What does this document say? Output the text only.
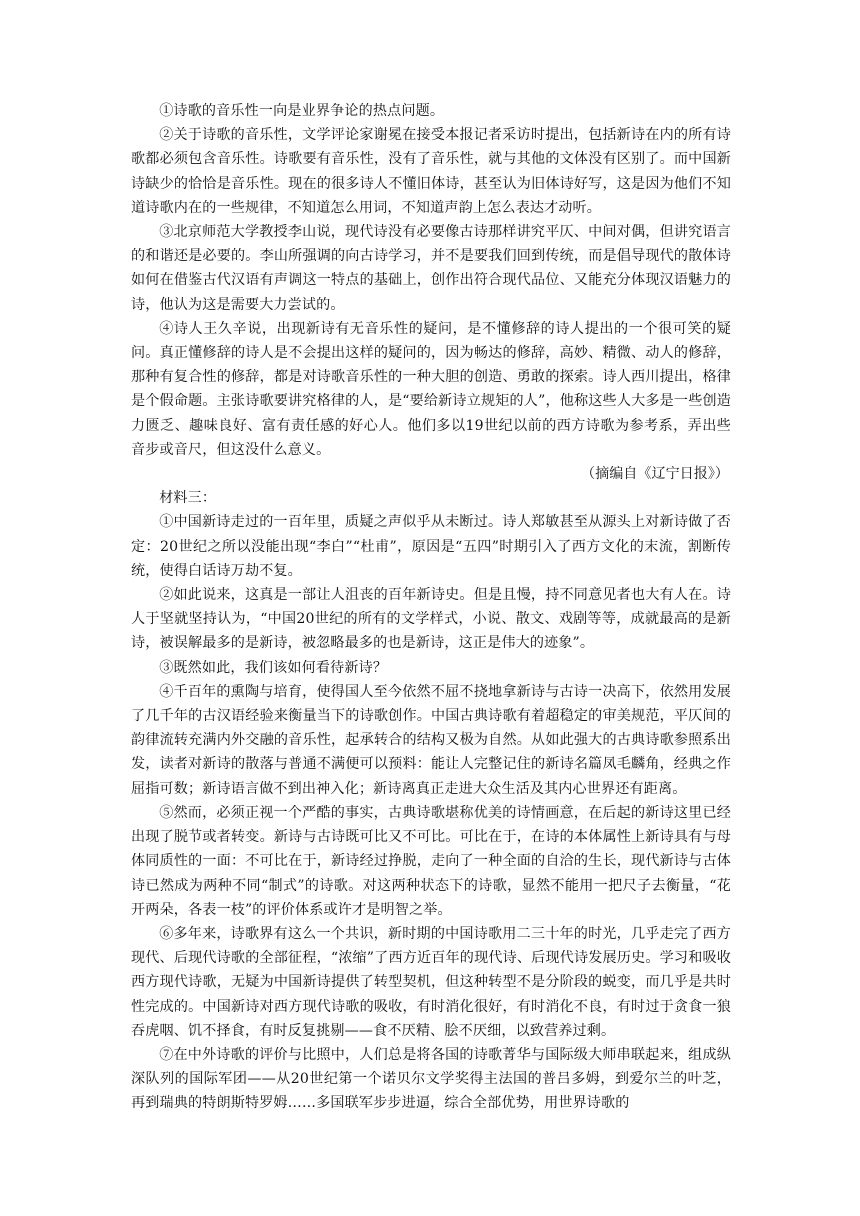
①诗歌的音乐性一向是业界争论的热点问题。

②关于诗歌的音乐性，文学评论家谢冕在接受本报记者采访时提出，包括新诗在内的所有诗歌都必须包含音乐性。诗歌要有音乐性，没有了音乐性，就与其他的文体没有区别了。而中国新诗缺少的恰恰是音乐性。现在的很多诗人不懂旧体诗，甚至认为旧体诗好写，这是因为他们不知道诗歌内在的一些规律，不知道怎么用词，不知道声韵上怎么表达才动听。

③北京师范大学教授李山说，现代诗没有必要像古诗那样讲究平仄、中间对偶，但讲究语言的和谐还是必要的。李山所强调的向古诗学习，并不是要我们回到传统，而是倡导现代的散体诗如何在借鉴古代汉语有声调这一特点的基础上，创作出符合现代品位、又能充分体现汉语魅力的诗，他认为这是需要大力尝试的。

④诗人王久辛说，出现新诗有无音乐性的疑问，是不懂修辞的诗人提出的一个很可笑的疑问。真正懂修辞的诗人是不会提出这样的疑问的，因为畅达的修辞，高妙、精微、动人的修辞，那种有复合性的修辞，都是对诗歌音乐性的一种大胆的创造、勇敢的探索。诗人西川提出，格律是个假命题。主张诗歌要讲究格律的人，是“要给新诗立规矩的人”，他称这些人大多是一些创造力匮乏、趣味良好、富有责任感的好心人。他们多以19世纪以前的西方诗歌为参考系，弄出些音步或音尺，但这没什么意义。

（摘编自《辽宁日报》）

材料三：

①中国新诗走过的一百年里，质疑之声似乎从未断过。诗人郑敏甚至从源头上对新诗做了否定：20世纪之所以没能出现“李白”“杜甫”，原因是“五四”时期引入了西方文化的末流，割断传统，使得白话诗万劫不复。

②如此说来，这真是一部让人沮丧的百年新诗史。但是且慢，持不同意见者也大有人在。诗人于坚就坚持认为，“中国20世纪的所有的文学样式，小说、散文、戏剧等等，成就最高的是新诗，被误解最多的是新诗，被忽略最多的也是新诗，这正是伟大的迹象”。

③既然如此，我们该如何看待新诗？

④千百年的熏陶与培育，使得国人至今依然不屈不挠地拿新诗与古诗一决高下，依然用发展了几千年的古汉语经验来衡量当下的诗歌创作。中国古典诗歌有着超稳定的审美规范，平仄间的韵律流转充满内外交融的音乐性，起承转合的结构又极为自然。从如此强大的古典诗歌参照系出发，读者对新诗的散落与普通不满便可以预料：能让人完整记住的新诗名篇凤毛麟角，经典之作屈指可数；新诗语言做不到出神入化；新诗离真正走进大众生活及其内心世界还有距离。

⑤然而，必须正视一个严酷的事实，古典诗歌堪称优美的诗情画意，在后起的新诗这里已经出现了脱节或者转变。新诗与古诗既可比又不可比。可比在于，在诗的本体属性上新诗具有与母体同质性的一面：不可比在于，新诗经过挣脱，走向了一种全面的自洽的生长，现代新诗与古体诗已然成为两种不同“制式”的诗歌。对这两种状态下的诗歌，显然不能用一把尺子去衡量，“花开两朵，各表一枝”的评价体系或许才是明智之举。

⑥多年来，诗歌界有这么一个共识，新时期的中国诗歌用二三十年的时光，几乎走完了西方现代、后现代诗歌的全部征程，“浓缩”了西方近百年的现代诗、后现代诗发展历史。学习和吸收西方现代诗歌，无疑为中国新诗提供了转型契机，但这种转型不是分阶段的蜕变，而几乎是共时性完成的。中国新诗对西方现代诗歌的吸收，有时消化很好，有时消化不良，有时过于贪食一狼吞虎咽、饥不择食，有时反复挑剔——食不厌精、脍不厌细，以致营养过剩。

⑦在中外诗歌的评价与比照中，人们总是将各国的诗歌菁华与国际级大师串联起来，组成纵深队列的国际军团——从20世纪第一个诺贝尔文学奖得主法国的普吕多姆，到爱尔兰的叶芝，再到瑞典的特朗斯特罗姆……多国联军步步进逼，综合全部优势，用世界诗歌的
